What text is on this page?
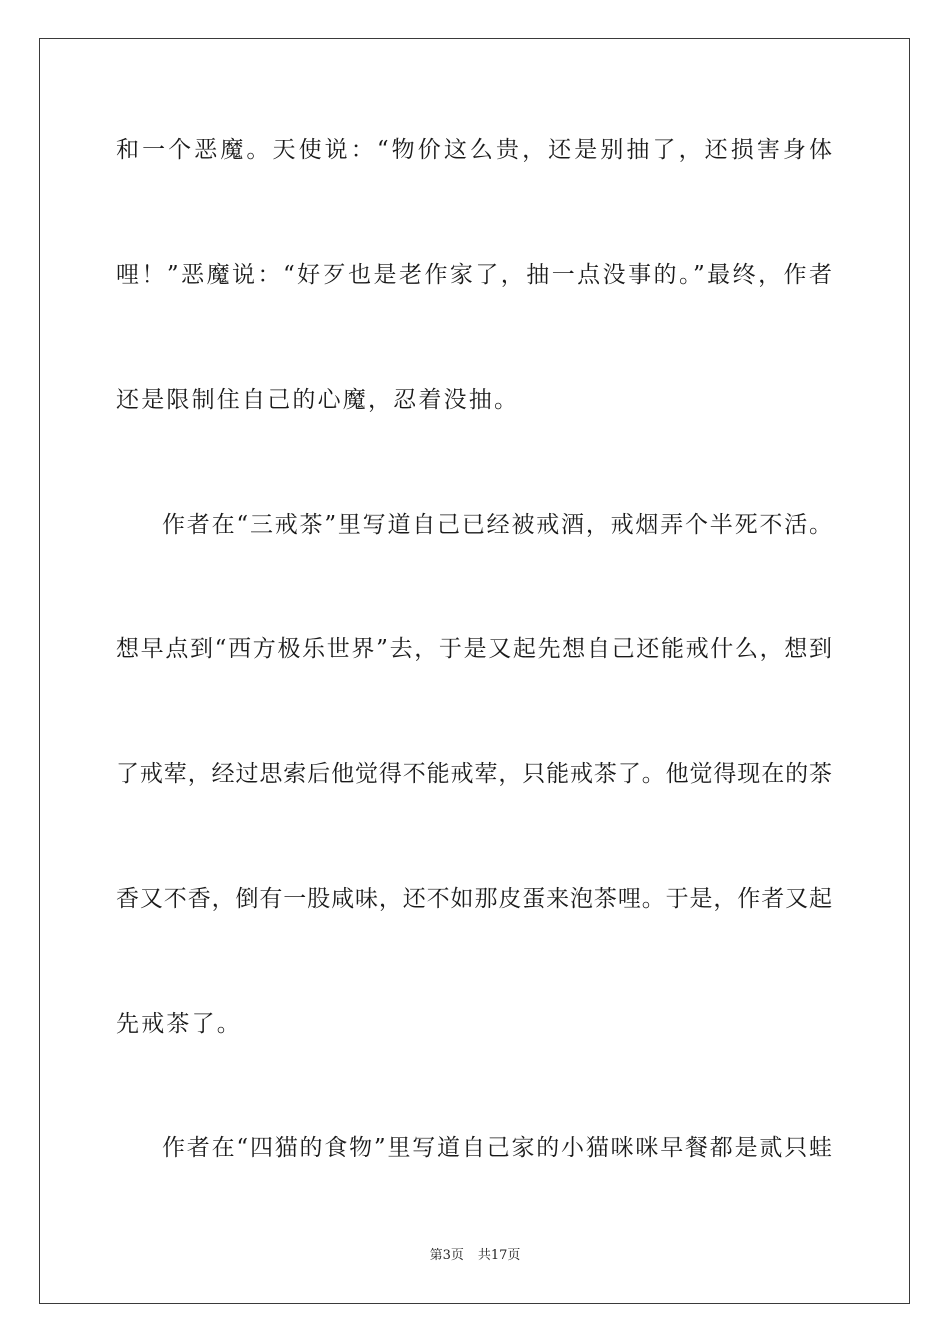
和一个恶魔。天使说：“物价这么贵，还是别抽了，还损害身体
哩！”恶魔说：“好歹也是老作家了，抽一点没事的。”最终，作者
还是限制住自己的心魔，忍着没抽。
作者在“三戒茶”里写道自己已经被戒酒，戒烟弄个半死不活。
想早点到“西方极乐世界”去，于是又起先想自己还能戒什么，想到
了戒荤，经过思索后他觉得不能戒荤，只能戒茶了。他觉得现在的茶
香又不香，倒有一股咸味，还不如那皮蛋来泡茶哩。于是，作者又起
先戒茶了。
作者在“四猫的食物”里写道自己家的小猫咪咪早餐都是贰只蛙
第3页 共17页
